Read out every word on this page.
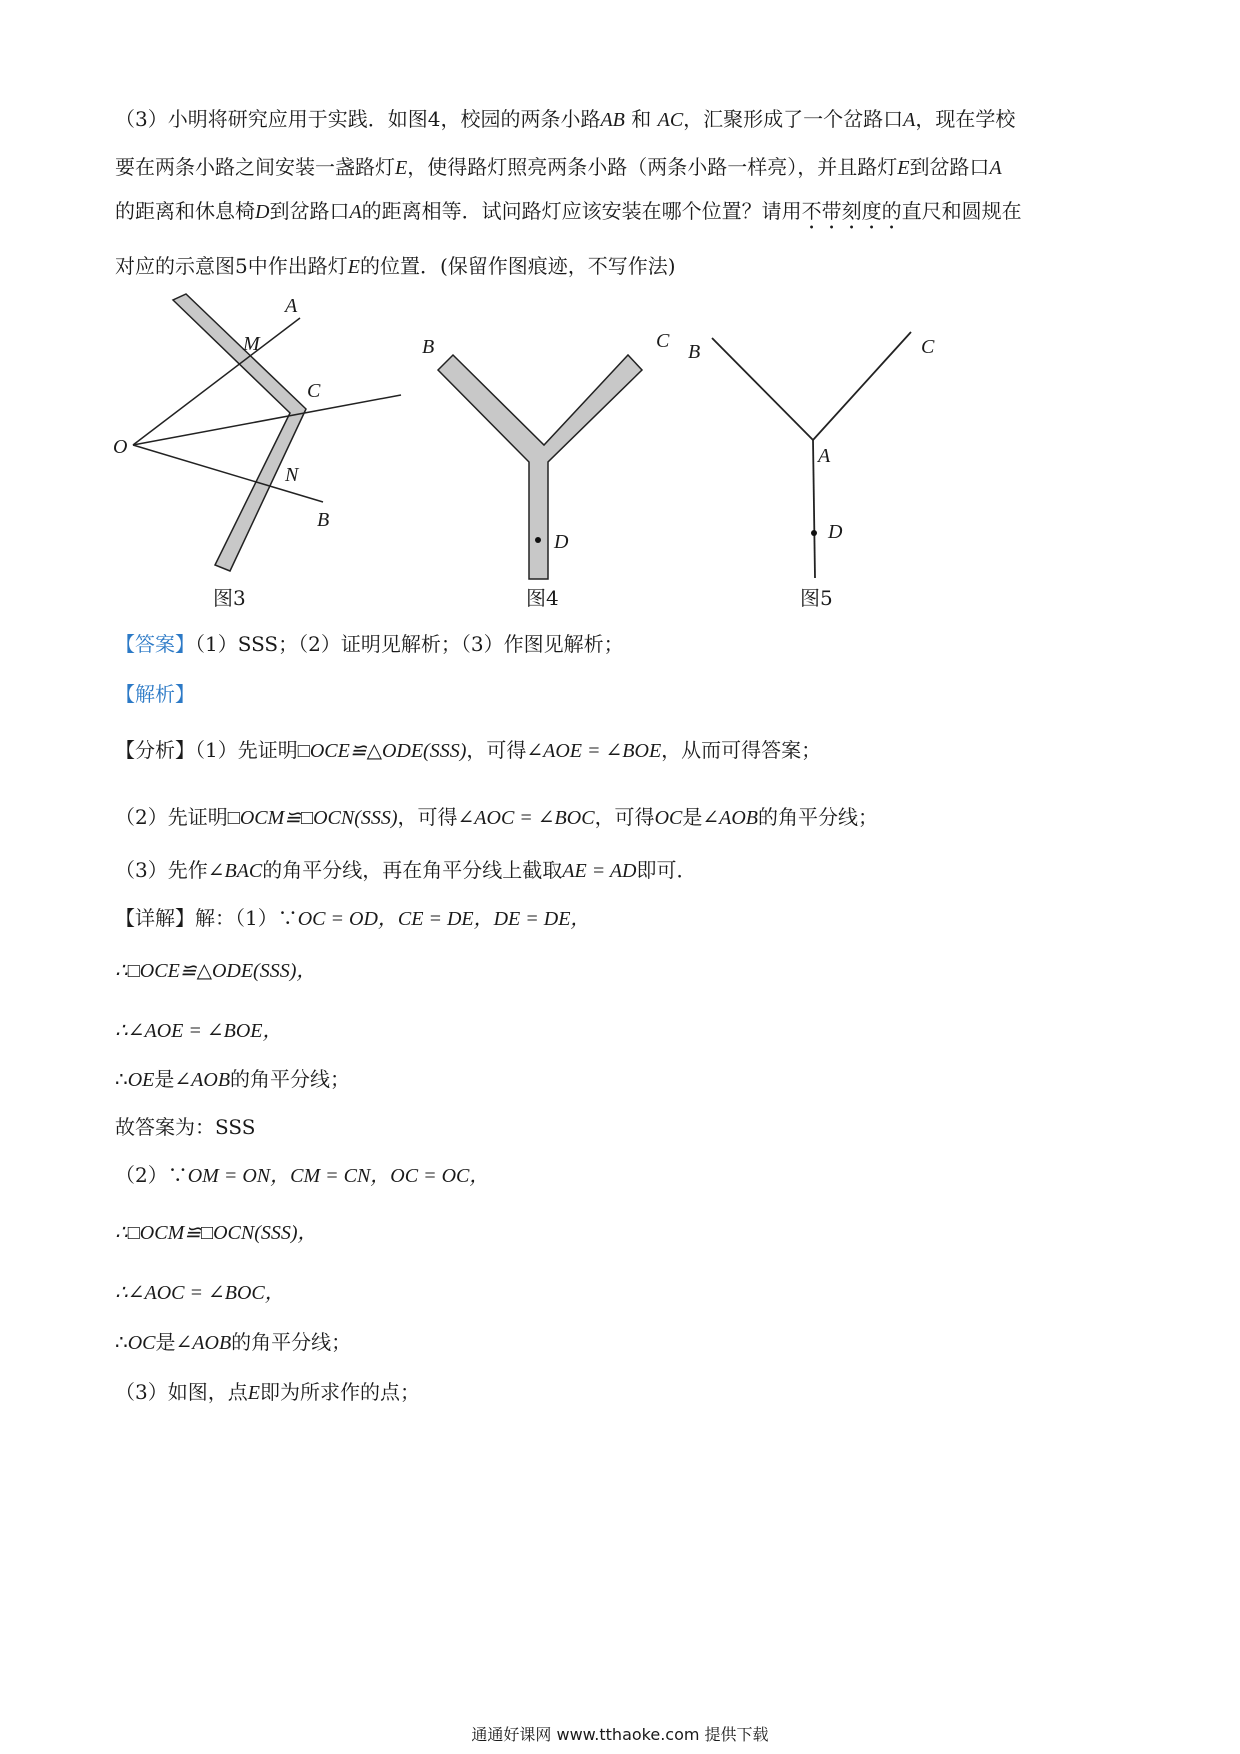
（3）小明将研究应用于实践．如图4，校园的两条小路AB 和 AC，汇聚形成了一个岔路口A，现在学校
要在两条小路之间安装一盏路灯E，使得路灯照亮两条小路（两条小路一样亮），并且路灯E到岔路口A
的距离和休息椅D到岔路口A的距离相等．试问路灯应该安装在哪个位置？请用不带刻度的直尺和圆规在
对应的示意图5中作出路灯E的位置．(保留作图痕迹，不写作法)
A
M
C
O
N
B
图3
B	C
D
图4
B	C
A
D
图5
【答案】（1）SSS；（2）证明见解析；（3）作图见解析；
【解析】
【分析】（1）先证明□OCE≌△ODE(SSS)，可得∠AOE = ∠BOE，从而可得答案；
（2）先证明□OCM≌□OCN(SSS)，可得∠AOC = ∠BOC，可得OC是∠AOB的角平分线；
（3）先作∠BAC的角平分线，再在角平分线上截取AE = AD即可．
【详解】解：（1）∵OC = OD，CE = DE，DE = DE，
∴□OCE≌△ODE(SSS)，
∴∠AOE = ∠BOE，
∴OE是∠AOB的角平分线；
故答案为：SSS
（2）∵OM = ON，CM = CN，OC = OC，
∴□OCM≌□OCN(SSS)，
∴∠AOC = ∠BOC，
∴OC是∠AOB的角平分线；
（3）如图，点E即为所求作的点；
通通好课网 www.tthaoke.com 提供下载
